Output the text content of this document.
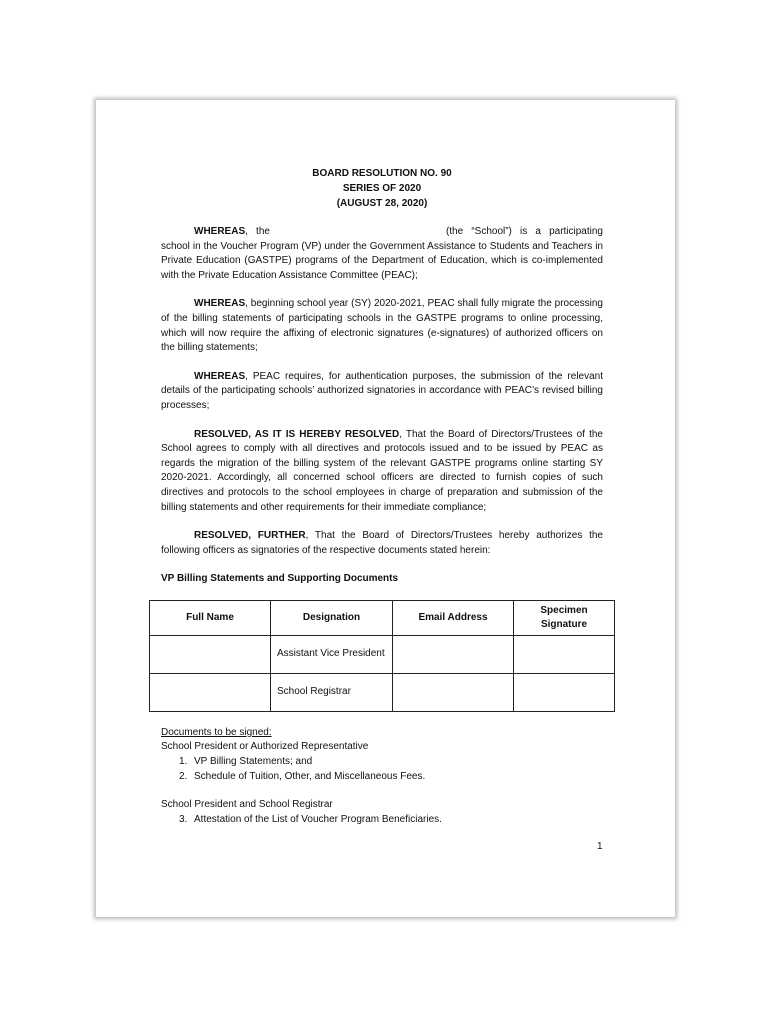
BOARD RESOLUTION NO. 90
SERIES OF 2020
(AUGUST 28, 2020)

WHEREAS, the	(the “School”) is a participating school in the Voucher Program (VP) under the Government Assistance to Students and Teachers in Private Education (GASTPE) programs of the Department of Education, which is co-implemented with the Private Education Assistance Committee (PEAC);

WHEREAS, beginning school year (SY) 2020-2021, PEAC shall fully migrate the processing of the billing statements of participating schools in the GASTPE programs to online processing, which will now require the affixing of electronic signatures (e-signatures) of authorized officers on the billing statements;

WHEREAS, PEAC requires, for authentication purposes, the submission of the relevant details of the participating schools’ authorized signatories in accordance with PEAC’s revised billing processes;

RESOLVED, AS IT IS HEREBY RESOLVED, That the Board of Directors/Trustees of the School agrees to comply with all directives and protocols issued and to be issued by PEAC as regards the migration of the billing system of the relevant GASTPE programs online starting SY 2020-2021. Accordingly, all concerned school officers are directed to furnish copies of such directives and protocols to the school employees in charge of preparation and submission of the billing statements and other requirements for their immediate compliance;

RESOLVED, FURTHER, That the Board of Directors/Trustees hereby authorizes the following officers as signatories of the respective documents stated herein:

VP Billing Statements and Supporting Documents
Full Name	Designation	Email Address	Specimen Signature
	Assistant Vice President		
	School Registrar		
Documents to be signed:
School President or Authorized Representative
1. VP Billing Statements; and
2. Schedule of Tuition, Other, and Miscellaneous Fees.
School President and School Registrar
3. Attestation of the List of Voucher Program Beneficiaries.
1
